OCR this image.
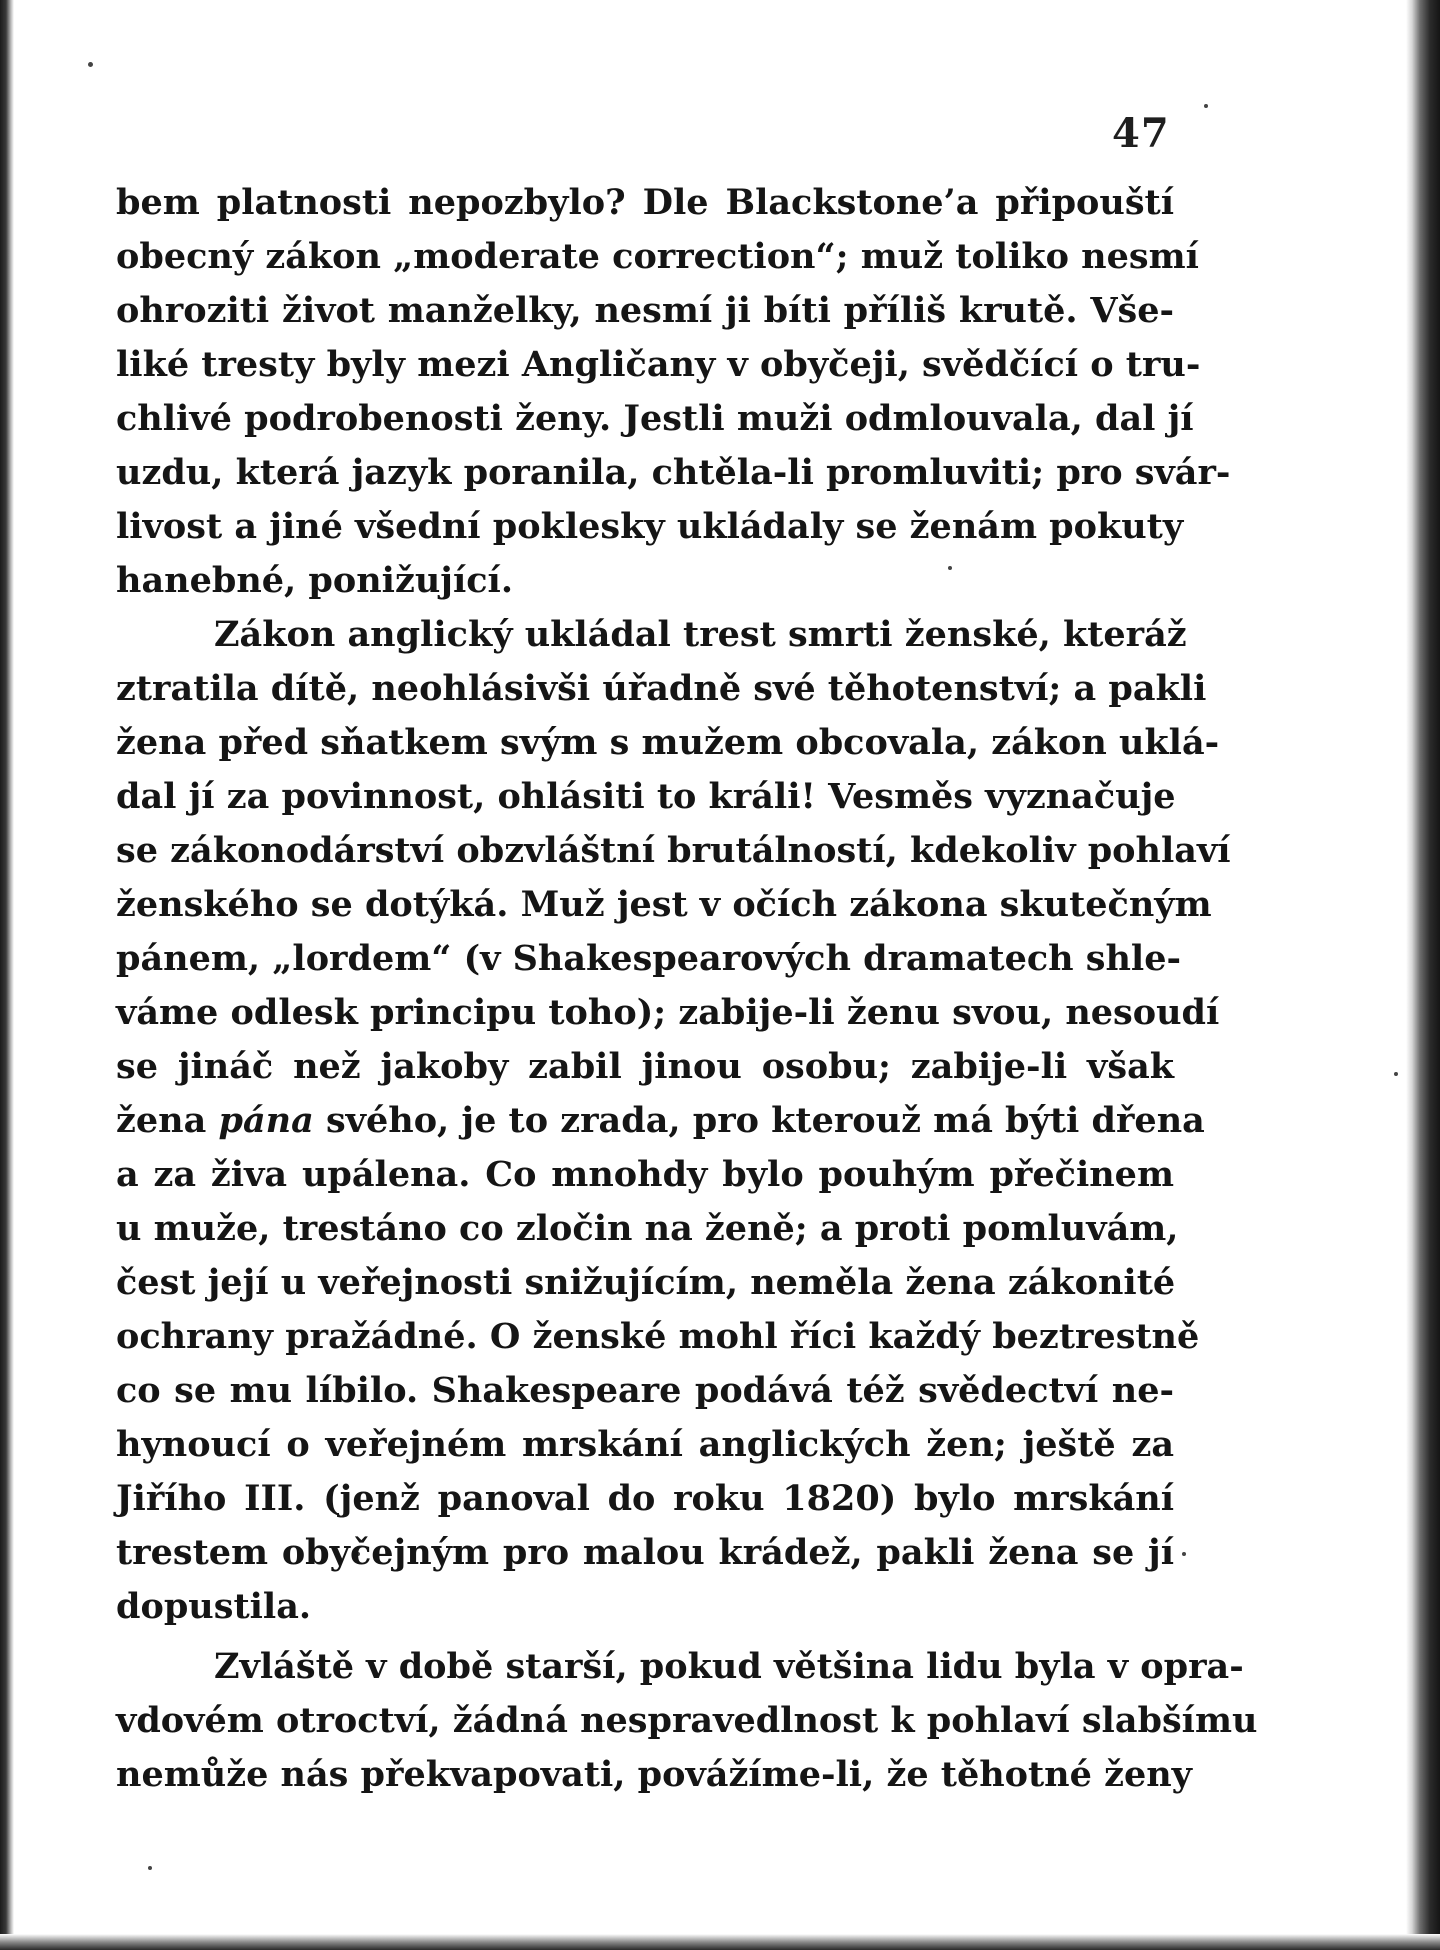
47
bem platnosti nepozbylo? Dle Blackstone’a připouští
obecný zákon „moderate correction“; muž toliko nesmí
ohroziti život manželky, nesmí ji bíti příliš krutě. Vše-
liké tresty byly mezi Angličany v obyčeji, svědčící o tru-
chlivé podrobenosti ženy. Jestli muži odmlouvala, dal jí
uzdu, která jazyk poranila, chtěla-li promluviti; pro svár-
livost a jiné všední poklesky ukládaly se ženám pokuty
hanebné, ponižující.
Zákon anglický ukládal trest smrti ženské, kteráž
ztratila dítě, neohlásivši úřadně své těhotenství; a pakli
žena před sňatkem svým s mužem obcovala, zákon uklá-
dal jí za povinnost, ohlásiti to králi! Vesměs vyznačuje
se zákonodárství obzvláštní brutálností, kdekoliv pohlaví
ženského se dotýká. Muž jest v očích zákona skutečným
pánem, „lordem“ (v Shakespearových dramatech shle-
váme odlesk principu toho); zabije-li ženu svou, nesoudí
se jináč než jakoby zabil jinou osobu; zabije-li však
žena pána svého, je to zrada, pro kterouž má býti dřena
a za živa upálena. Co mnohdy bylo pouhým přečinem
u muže, trestáno co zločin na ženě; a proti pomluvám,
čest její u veřejnosti snižujícím, neměla žena zákonité
ochrany pražádné. O ženské mohl říci každý beztrestně
co se mu líbilo. Shakespeare podává též svědectví ne-
hynoucí o veřejném mrskání anglických žen; ještě za
Jiřího III. (jenž panoval do roku 1820) bylo mrskání
trestem obyčejným pro malou krádež, pakli žena se jí
dopustila.
Zvláště v době starší, pokud většina lidu byla v opra-
vdovém otroctví, žádná nespravedlnost k pohlaví slabšímu
nemůže nás překvapovati, povážíme-li, že těhotné ženy
